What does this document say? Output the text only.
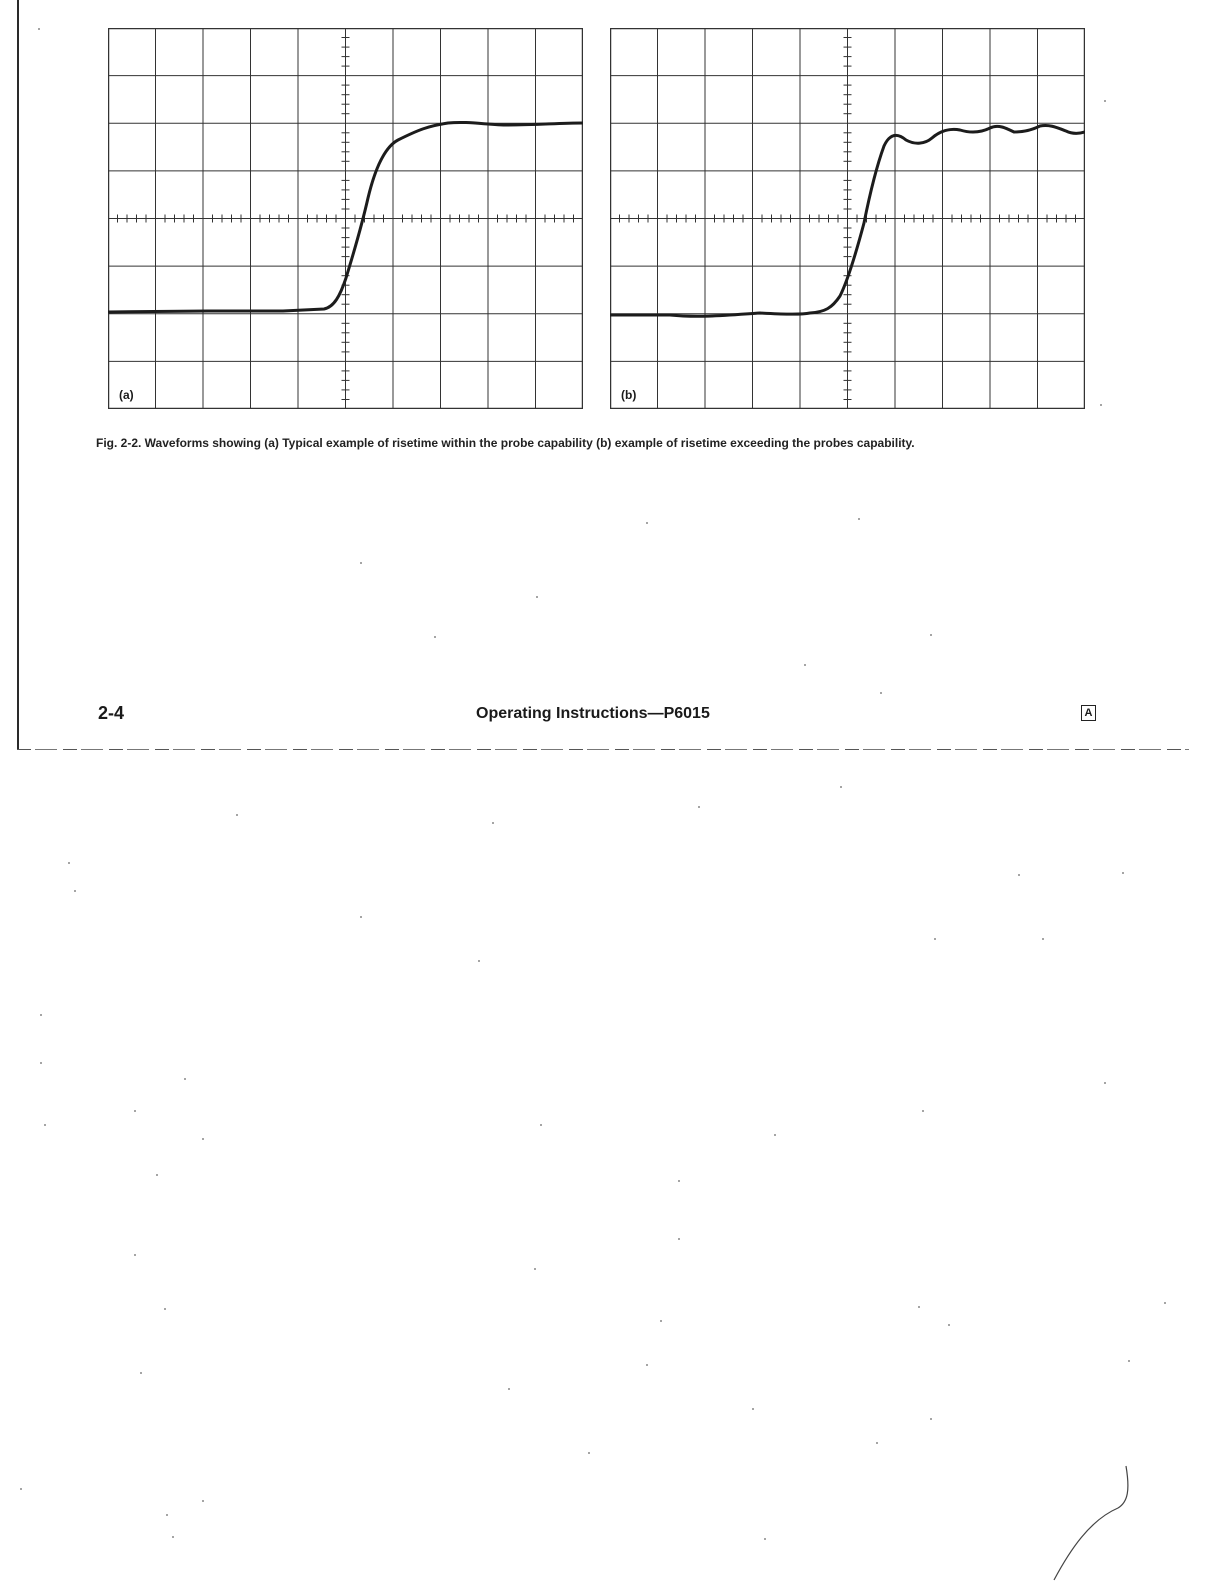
(a)	(b)
Fig. 2-2. Waveforms showing (a) Typical example of risetime within the probe capability (b) example of risetime exceeding the probes capability.
2-4	Operating Instructions—P6015	A
